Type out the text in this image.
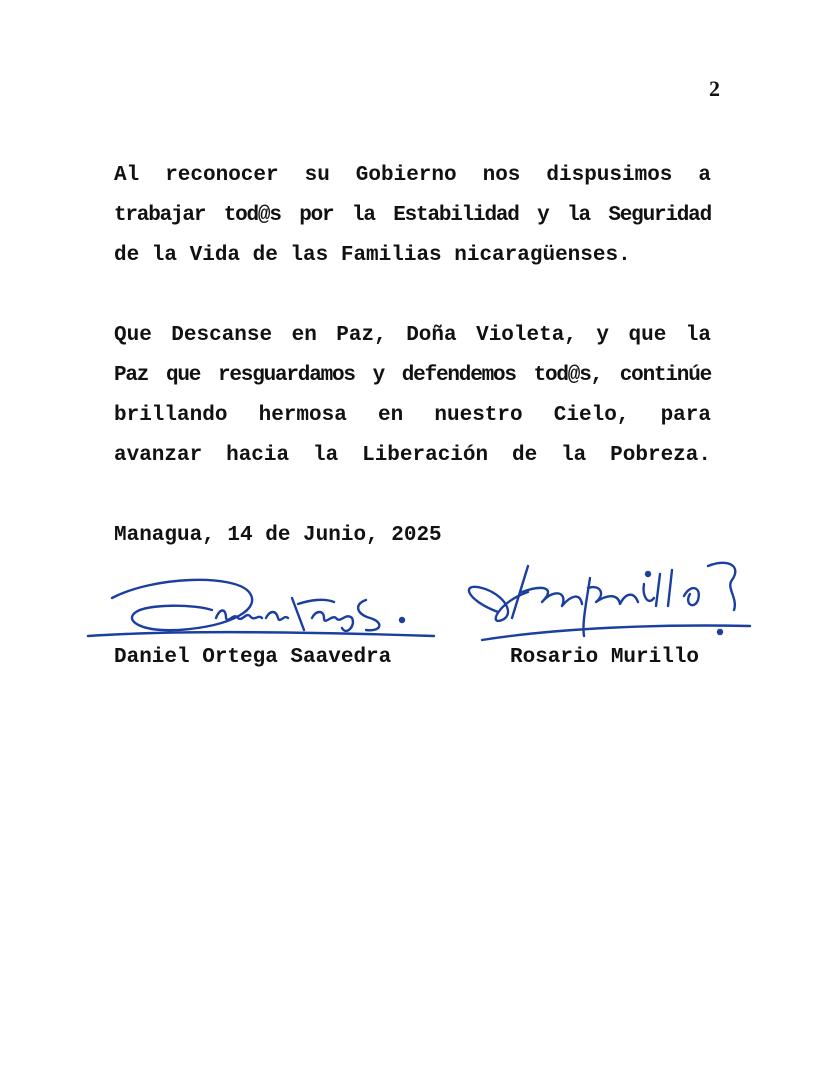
2
Al reconocer su Gobierno nos dispusimos a
trabajar tod@s por la Estabilidad y la Seguridad
de la Vida de las Familias nicaragüenses.
Que Descanse en Paz, Doña Violeta, y que la
Paz que resguardamos y defendemos tod@s, continúe
brillando hermosa en nuestro Cielo, para
avanzar hacia la Liberación de la Pobreza.
Managua, 14 de Junio, 2025
Daniel Ortega Saavedra	Rosario Murillo
